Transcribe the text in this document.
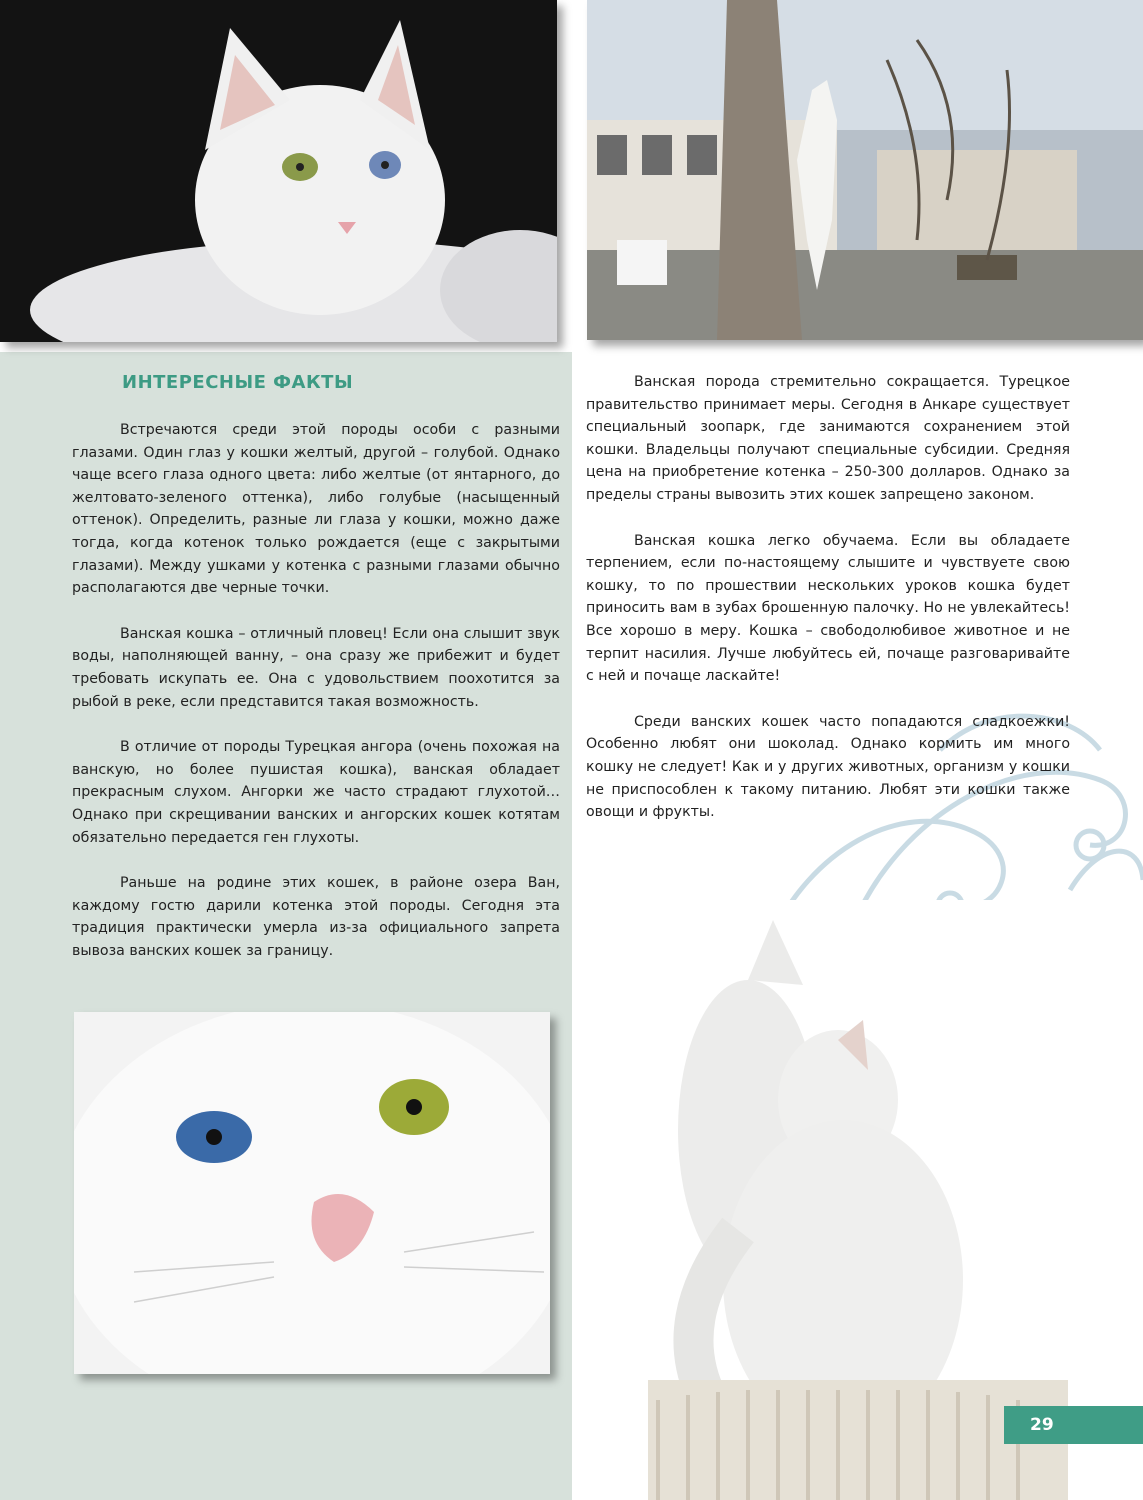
ИНТЕРЕСНЫЕ ФАКТЫ

Встречаются среди этой породы особи с разными глазами. Один глаз у кошки желтый, другой – голубой. Однако чаще всего глаза одного цвета: либо желтые (от янтарного, до желтовато-зеленого оттенка), либо голубые (насыщенный оттенок). Определить, разные ли глаза у кошки, можно даже тогда, когда котенок только рождается (еще с закрытыми глазами). Между ушками у котенка с разными глазами обычно располагаются две черные точки.

Ванская кошка – отличный пловец! Если она слышит звук воды, наполняющей ванну, – она сразу же прибежит и будет требовать искупать ее. Она с удовольствием поохотится за рыбой в реке, если представится такая возможность.

В отличие от породы Турецкая ангора (очень похожая на ванскую, но более пушистая кошка), ванская обладает прекрасным слухом. Ангорки же часто страдают глухотой… Однако при скрещивании ванских и ангорских кошек котятам обязательно передается ген глухоты.

Раньше на родине этих кошек, в районе озера Ван, каждому гостю дарили котенка этой породы. Сегодня эта традиция практически умерла из-за официального запрета вывоза ванских кошек за границу.

Ванская порода стремительно сокращается. Турецкое правительство принимает меры. Сегодня в Анкаре существует специальный зоопарк, где занимаются сохранением этой кошки. Владельцы получают специальные субсидии. Средняя цена на приобретение котенка – 250-300 долларов. Однако за пределы страны вывозить этих кошек запрещено законом.

Ванская кошка легко обучаема. Если вы обладаете терпением, если по-настоящему слышите и чувствуете свою кошку, то по прошествии нескольких уроков кошка будет приносить вам в зубах брошенную палочку. Но не увлекайтесь! Все хорошо в меру. Кошка – свободолюбивое животное и не терпит насилия. Лучше любуйтесь ей, почаще разговаривайте с ней и почаще ласкайте!

Среди ванских кошек часто попадаются сладкоежки! Особенно любят они шоколад. Однако кормить им много кошку не следует! Как и у других животных, организм у кошки не приспособлен к такому питанию. Любят эти кошки также овощи и фрукты.

29
